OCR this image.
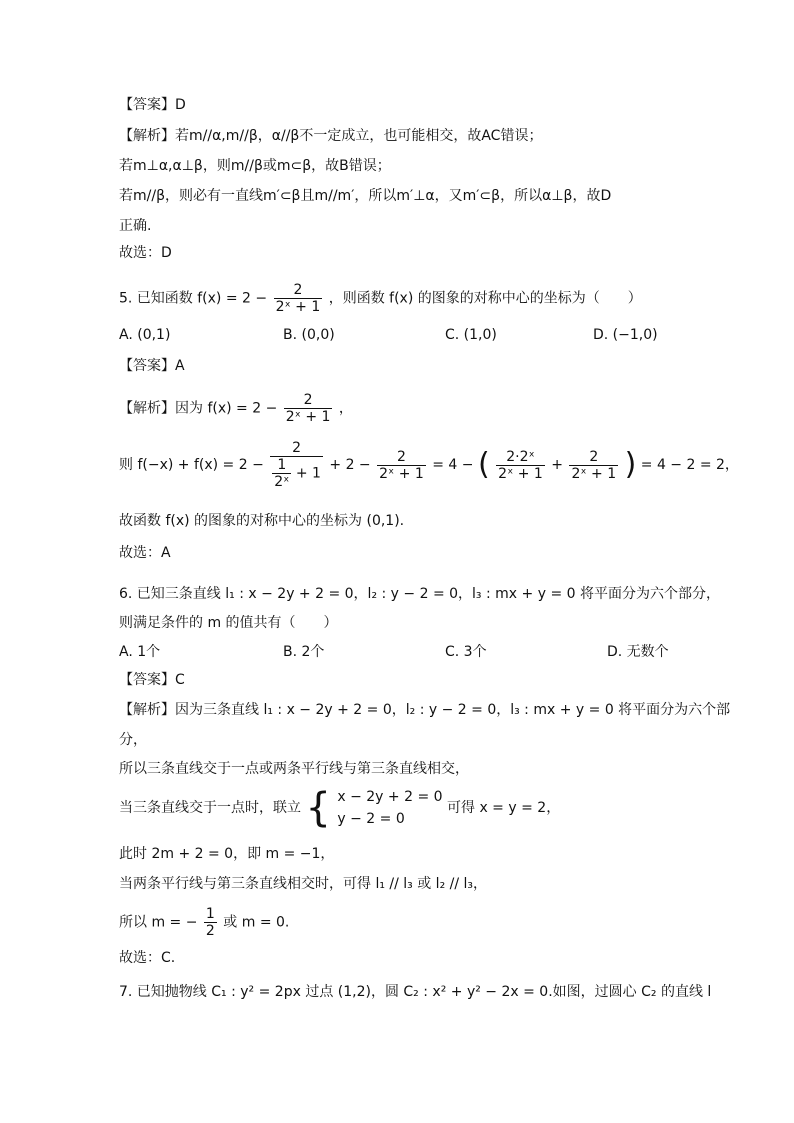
【答案】D
【解析】若m//α,m//β，α//β不一定成立，也可能相交，故AC错误；
若m⊥α,α⊥β，则m//β或m⊂β，故B错误；
若m//β，则必有一直线m′⊂β且m//m′，所以m′⊥α，又m′⊂β，所以α⊥β，故D
正确.
故选：D
5. 已知函数 $f(x) = 2 - \frac{2}{\text{2ˣ + 1}}$ ，则函数 f(x) 的图象的对称中心的坐标为（　　）
A. (0,1)	B. (0,0)	C. (1,0)	D. (−1,0)
【答案】A
【解析】因为 $f(x) = 2 - \frac{2}{\text{2ˣ + 1}}$ ，
则 $f(-x) + f(x) = 2 - \frac{2}{\frac{1}{\text{2ˣ}} + 1} + 2 - \frac{2}{\text{2ˣ + 1}} = 4$ − ( $\frac{\text{2·2ˣ}}{\text{2ˣ + 1}} + \frac{2}{\text{2ˣ + 1}}$ ) = 4 − 2 = 2，
故函数 f(x) 的图象的对称中心的坐标为 (0,1).
故选：A
6. 已知三条直线 l₁ : x − 2y + 2 = 0，l₂ : y − 2 = 0，l₃ : mx + y = 0 将平面分为六个部分，
则满足条件的 m 的值共有（　　）
A. 1个	B. 2个	C. 3个	D. 无数个
【答案】C
【解析】因为三条直线 l₁ : x − 2y + 2 = 0，l₂ : y − 2 = 0，l₃ : mx + y = 0 将平面分为六个部
分，
所以三条直线交于一点或两条平行线与第三条直线相交，
当三条直线交于一点时，联立 { x − 2y + 2 = 0
y − 2 = 0
可得 x = y = 2，
此时 2m + 2 = 0，即 m = −1，
当两条平行线与第三条直线相交时，可得 l₁ // l₃ 或 l₂ // l₃，
所以 m = − $\frac{1}{2}$ 或 m = 0.
故选：C.
7. 已知抛物线 C₁ : y² = 2px 过点 (1,2)，圆 C₂ : x² + y² − 2x = 0.如图，过圆心 C₂ 的直线 l
